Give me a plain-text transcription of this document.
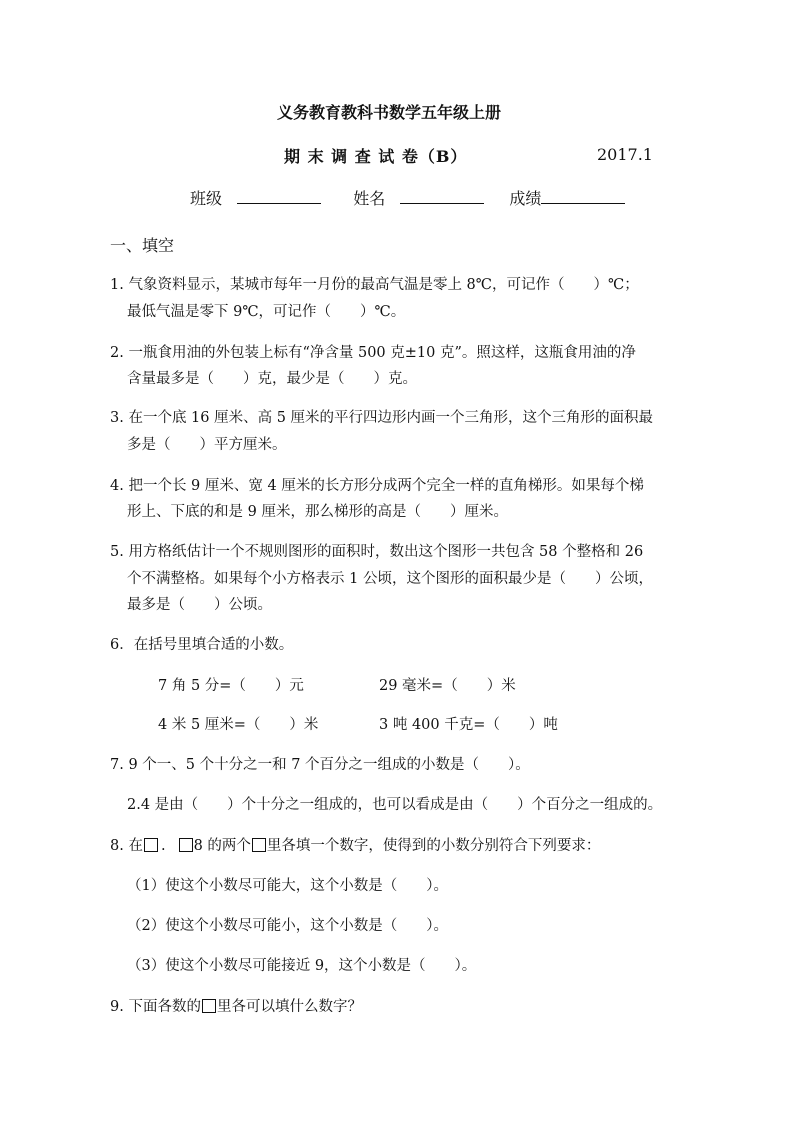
义务教育教科书数学五年级上册
期 末 调 查 试 卷（B）	2017.1
班级	姓名	成绩
一、填空
1. 气象资料显示，某城市每年一月份的最高气温是零上 8℃，可记作（　　）℃；
最低气温是零下 9℃，可记作（　　）℃。
2. 一瓶食用油的外包装上标有“净含量 500 克±10 克”。照这样，这瓶食用油的净
含量最多是（　　）克，最少是（　　）克。
3. 在一个底 16 厘米、高 5 厘米的平行四边形内画一个三角形，这个三角形的面积最
多是（　　）平方厘米。
4. 把一个长 9 厘米、宽 4 厘米的长方形分成两个完全一样的直角梯形。如果每个梯
形上、下底的和是 9 厘米，那么梯形的高是（　　）厘米。
5. 用方格纸估计一个不规则图形的面积时，数出这个图形一共包含 58 个整格和 26
个不满整格。如果每个小方格表示 1 公顷，这个图形的面积最少是（　　）公顷，
最多是（　　）公顷。
6．在括号里填合适的小数。
7 角 5 分=（　　）元	29 毫米=（　　）米
4 米 5 厘米=（　　）米	3 吨 400 千克=（　　）吨
7. 9 个一、5 个十分之一和 7 个百分之一组成的小数是（　　）。
2.4 是由（　　）个十分之一组成的，也可以看成是由（　　）个百分之一组成的。
8. 在 . 8 的两个 里各填一个数字，使得到的小数分别符合下列要求：
（1）使这个小数尽可能大，这个小数是（　　）。
（2）使这个小数尽可能小，这个小数是（　　）。
（3）使这个小数尽可能接近 9，这个小数是（　　）。
9. 下面各数的 里各可以填什么数字？
